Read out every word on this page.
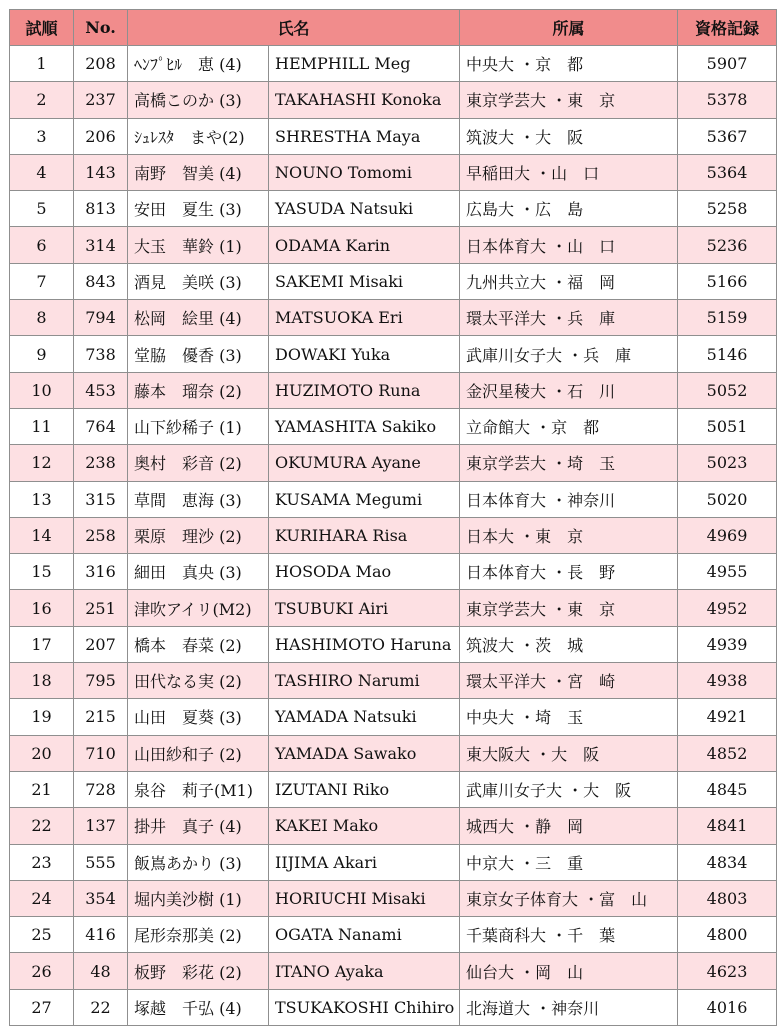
試順	No.	氏名		所属	資格記録
1	208	ﾍﾝﾌﾟﾋﾙ　恵 (4)	HEMPHILL Meg	中央大 ・京　都	5907
2	237	高橋このか (3)	TAKAHASHI Konoka	東京学芸大 ・東　京	5378
3	206	ｼｭﾚｽﾀ　まや(2)	SHRESTHA Maya	筑波大 ・大　阪	5367
4	143	南野　智美 (4)	NOUNO Tomomi	早稲田大 ・山　口	5364
5	813	安田　夏生 (3)	YASUDA Natsuki	広島大 ・広　島	5258
6	314	大玉　華鈴 (1)	ODAMA Karin	日本体育大 ・山　口	5236
7	843	酒見　美咲 (3)	SAKEMI Misaki	九州共立大 ・福　岡	5166
8	794	松岡　絵里 (4)	MATSUOKA Eri	環太平洋大 ・兵　庫	5159
9	738	堂脇　優香 (3)	DOWAKI Yuka	武庫川女子大 ・兵　庫	5146
10	453	藤本　瑠奈 (2)	HUZIMOTO Runa	金沢星稜大 ・石　川	5052
11	764	山下紗稀子 (1)	YAMASHITA Sakiko	立命館大 ・京　都	5051
12	238	奥村　彩音 (2)	OKUMURA Ayane	東京学芸大 ・埼　玉	5023
13	315	草間　恵海 (3)	KUSAMA Megumi	日本体育大 ・神奈川	5020
14	258	栗原　理沙 (2)	KURIHARA Risa	日本大 ・東　京	4969
15	316	細田　真央 (3)	HOSODA Mao	日本体育大 ・長　野	4955
16	251	津吹アイリ(M2)	TSUBUKI Airi	東京学芸大 ・東　京	4952
17	207	橋本　春菜 (2)	HASHIMOTO Haruna	筑波大 ・茨　城	4939
18	795	田代なる実 (2)	TASHIRO Narumi	環太平洋大 ・宮　崎	4938
19	215	山田　夏葵 (3)	YAMADA Natsuki	中央大 ・埼　玉	4921
20	710	山田紗和子 (2)	YAMADA Sawako	東大阪大 ・大　阪	4852
21	728	泉谷　莉子(M1)	IZUTANI Riko	武庫川女子大 ・大　阪	4845
22	137	掛井　真子 (4)	KAKEI Mako	城西大 ・静　岡	4841
23	555	飯嶌あかり (3)	IIJIMA Akari	中京大 ・三　重	4834
24	354	堀内美沙樹 (1)	HORIUCHI Misaki	東京女子体育大 ・富　山	4803
25	416	尾形奈那美 (2)	OGATA Nanami	千葉商科大 ・千　葉	4800
26	48	板野　彩花 (2)	ITANO Ayaka	仙台大 ・岡　山	4623
27	22	塚越　千弘 (4)	TSUKAKOSHI Chihiro	北海道大 ・神奈川	4016
